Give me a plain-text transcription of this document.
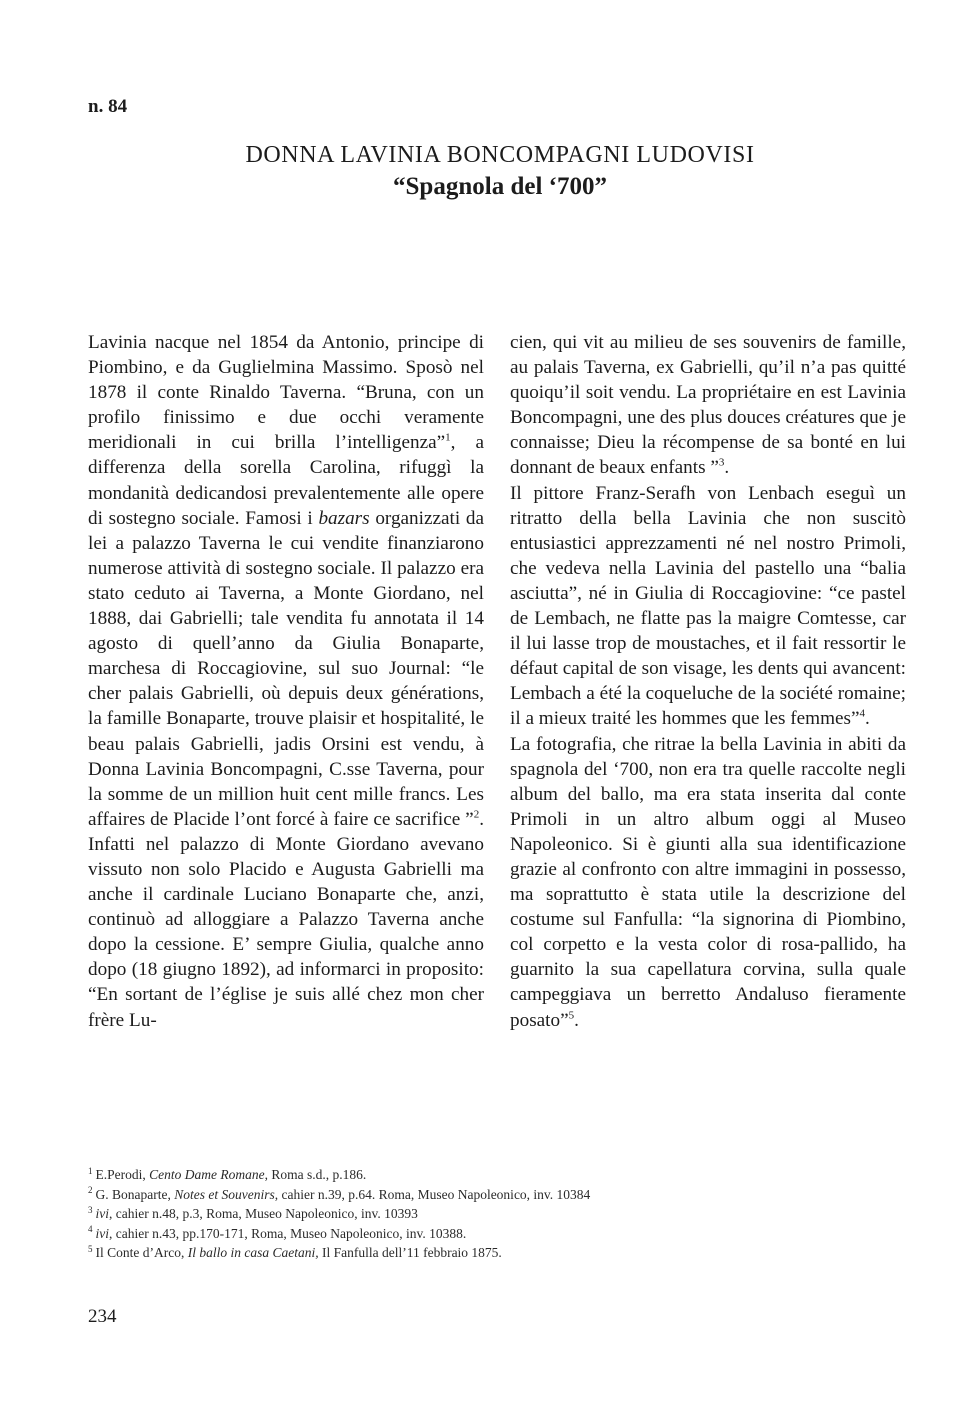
n. 84
DONNA LAVINIA BONCOMPAGNI LUDOVISI
“Spagnola del ‘700”

Lavinia nacque nel 1854 da Antonio, principe di Piombino, e da Guglielmina Massimo. Sposò nel 1878 il conte Rinaldo Taverna. “Bruna, con un profilo finissimo e due occhi veramente meridionali in cui brilla l’intelligenza”$^1$, a differenza della sorella Carolina, rifuggì la mondanità dedicandosi prevalentemente alle opere di sostegno sociale. Famosi i bazars organizzati da lei a palazzo Taverna le cui vendite finanziarono numerose attività di sostegno sociale. Il palazzo era stato ceduto ai Taverna, a Monte Giordano, nel 1888, dai Gabrielli; tale vendita fu annotata il 14 agosto di quell’anno da Giulia Bonaparte, marchesa di Roccagiovine, sul suo Journal: “le cher palais Gabrielli, où depuis deux générations, la famille Bonaparte, trouve plaisir et hospitalité, le beau palais Gabrielli, jadis Orsini est vendu, à Donna Lavinia Boncompagni, C.sse Taverna, pour la somme de un million huit cent mille francs. Les affaires de Placide l’ont forcé à faire ce sacrifice ”$^2$. Infatti nel palazzo di Monte Giordano avevano vissuto non solo Placido e Augusta Gabrielli ma anche il cardinale Luciano Bonaparte che, anzi, continuò ad alloggiare a Palazzo Taverna anche dopo la cessione. E’ sempre Giulia, qualche anno dopo (18 giugno 1892), ad informarci in proposito: “En sortant de l’église je suis allé chez mon cher frère Lu-

cien, qui vit au milieu de ses souvenirs de famille, au palais Taverna, ex Gabrielli, qu’il n’a pas quitté quoiqu’il soit vendu. La propriétaire en est Lavinia Boncompagni, une des plus douces créatures que je connaisse; Dieu la récompense de sa bonté en lui donnant de beaux enfants ”$^3$.

Il pittore Franz-Serafh von Lenbach eseguì un ritratto della bella Lavinia che non suscitò entusiastici apprezzamenti né nel nostro Primoli, che vedeva nella Lavinia del pastello una “balia asciutta”, né in Giulia di Roccagiovine: “ce pastel de Lembach, ne flatte pas la maigre Comtesse, car il lui lasse trop de moustaches, et il fait ressortir le défaut capital de son visage, les dents qui avancent: Lembach a été la coqueluche de la société romaine; il a mieux traité les hommes que les femmes”$^4$.

La fotografia, che ritrae la bella Lavinia in abiti da spagnola del ‘700, non era tra quelle raccolte negli album del ballo, ma era stata inserita dal conte Primoli in un altro album oggi al Museo Napoleonico. Si è giunti alla sua identificazione grazie al confronto con altre immagini in possesso, ma soprattutto è stata utile la descrizione del costume sul Fanfulla: “la signorina di Piombino, col corpetto e la vesta color di rosa-pallido, ha guarnito la sua capellatura corvina, sulla quale campeggiava un berretto Andaluso fieramente posato”$^5$.

$^1$ E.Perodi, Cento Dame Romane, Roma s.d., p.186.
$^2$ G. Bonaparte, Notes et Souvenirs, cahier n.39, p.64. Roma, Museo Napoleonico, inv. 10384
$^3$ ivi, cahier n.48, p.3, Roma, Museo Napoleonico, inv. 10393
$^4$ ivi, cahier n.43, pp.170-171, Roma, Museo Napoleonico, inv. 10388.
$^5$ Il Conte d’Arco, Il ballo in casa Caetani, Il Fanfulla dell’11 febbraio 1875.
234
